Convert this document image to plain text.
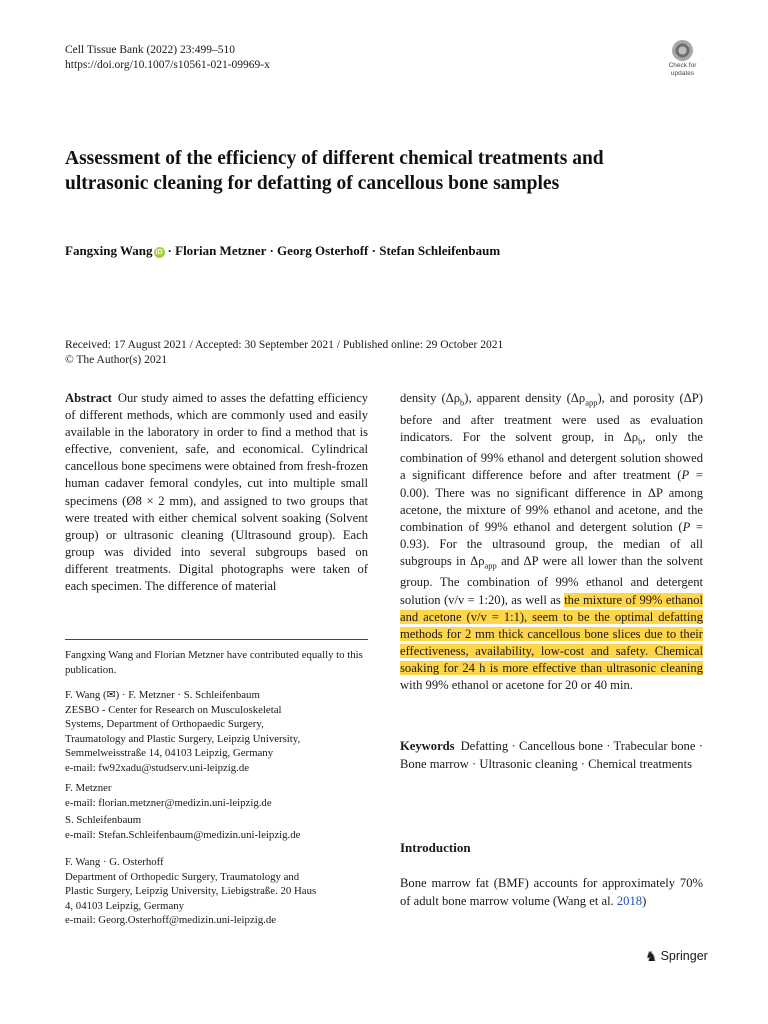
Cell Tissue Bank (2022) 23:499–510
https://doi.org/10.1007/s10561-021-09969-x	Check for
updates
Assessment of the efficiency of different chemical treatments and ultrasonic cleaning for defatting of cancellous bone samples
Fangxing Wang iD · Florian Metzner · Georg Osterhoff · Stefan Schleifenbaum
Received: 17 August 2021 / Accepted: 30 September 2021 / Published online: 29 October 2021
© The Author(s) 2021

Abstract Our study aimed to asses the defatting efficiency of different methods, which are commonly used and easily available in the laboratory in order to find a method that is effective, convenient, safe, and economical. Cylindrical cancellous bone specimens were obtained from fresh-frozen human cadaver femoral condyles, cut into multiple small specimens (Ø8 × 2 mm), and assigned to two groups that were treated with either chemical solvent soaking (Solvent group) or ultrasonic cleaning (Ultrasound group). Each group was divided into several subgroups based on different treatments. Digital photographs were taken of each specimen. The difference of material

Fangxing Wang and Florian Metzner have contributed equally to this publication.
F. Wang (✉) · F. Metzner · S. Schleifenbaum
ZESBO - Center for Research on Musculoskeletal
Systems, Department of Orthopaedic Surgery,
Traumatology and Plastic Surgery, Leipzig University,
Semmelweisstraße 14, 04103 Leipzig, Germany
e-mail: fw92xadu@studserv.uni-leipzig.de
F. Metzner
e-mail: florian.metzner@medizin.uni-leipzig.de
S. Schleifenbaum
e-mail: Stefan.Schleifenbaum@medizin.uni-leipzig.de
F. Wang · G. Osterhoff
Department of Orthopedic Surgery, Traumatology and
Plastic Surgery, Leipzig University, Liebigstraße. 20 Haus
4, 04103 Leipzig, Germany
e-mail: Georg.Osterhoff@medizin.uni-leipzig.de

density $(\Delta\rho_b)$, apparent density $(\Delta\rho_{app})$, and porosity (ΔP) before and after treatment were used as evaluation indicators. For the solvent group, in $\Delta\rho_b$, only the combination of 99% ethanol and detergent solution showed a significant difference before and after treatment (P = 0.00). There was no significant difference in ΔP among acetone, the mixture of 99% ethanol and acetone, and the combination of 99% ethanol and detergent solution (P = 0.93). For the ultrasound group, the median of all subgroups in $\Delta\rho_{app}$ and ΔP were all lower than the solvent group. The combination of 99% ethanol and detergent solution (v/v = 1:20), as well as the mixture of 99% ethanol and acetone (v/v = 1:1), seem to be the optimal defatting methods for 2 mm thick cancellous bone slices due to their effectiveness, availability, low-cost and safety. Chemical soaking for 24 h is more effective than ultrasonic cleaning with 99% ethanol or acetone for 20 or 40 min.

Keywords Defatting · Cancellous bone · Trabecular bone · Bone marrow · Ultrasonic cleaning · Chemical treatments
Introduction
Bone marrow fat (BMF) accounts for approximately 70% of adult bone marrow volume (Wang et al. 2018)
♞ Springer
